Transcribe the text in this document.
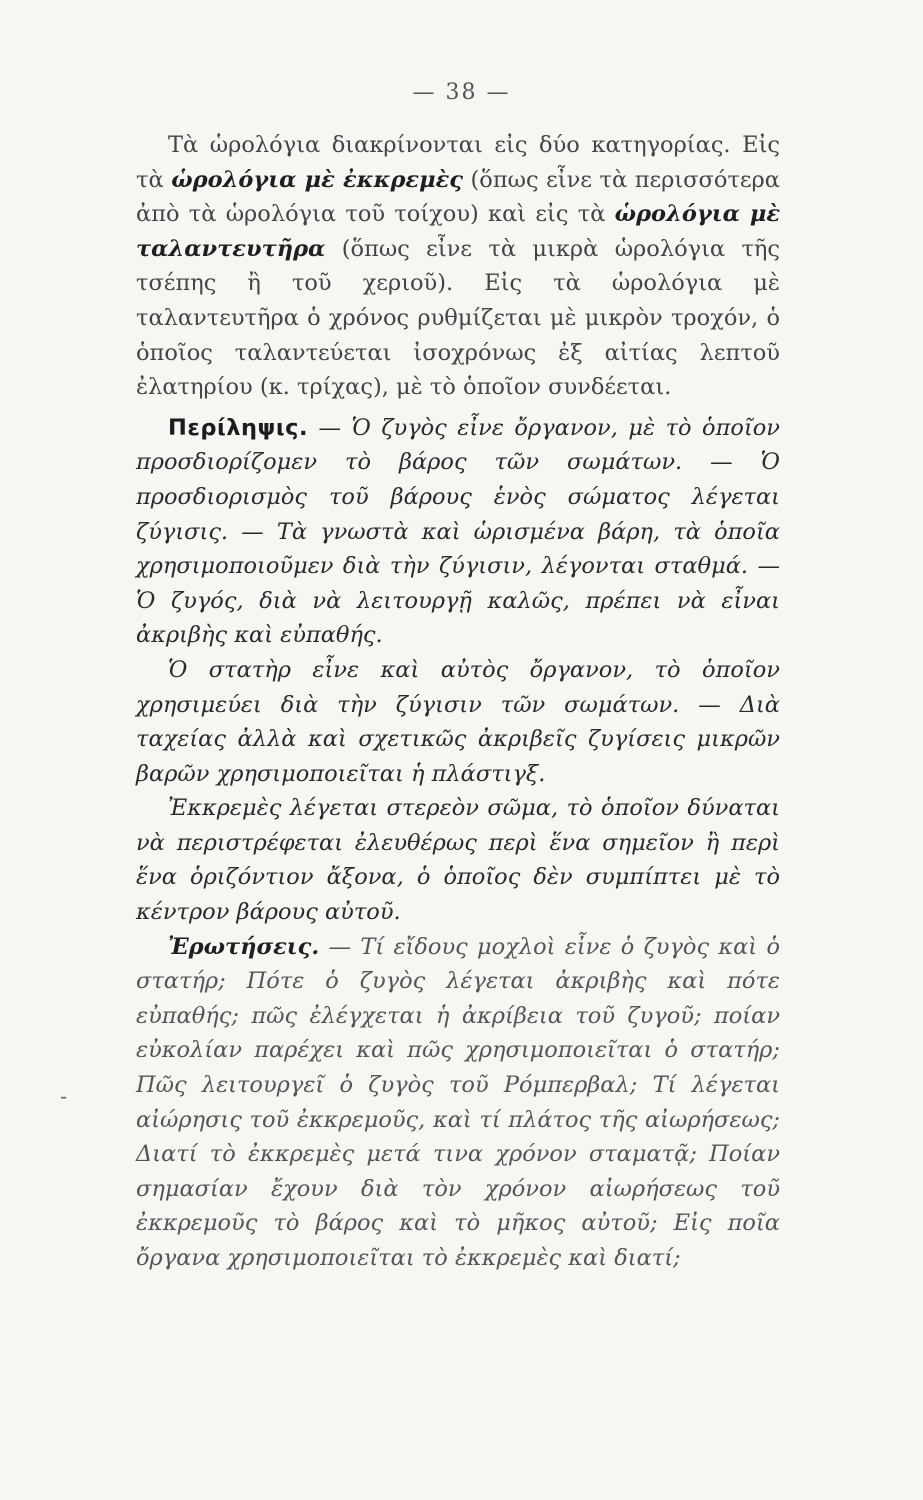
— 38 —

Τὰ ὡρολόγια διακρίνονται εἰς δύο κατηγορίας. Εἰς τὰ ὡρολόγια μὲ ἐκκρεμὲς (ὅπως εἶνε τὰ περισσότερα ἀπὸ τὰ ὡρολόγια τοῦ τοίχου) καὶ εἰς τὰ ὡρολόγια μὲ ταλαντευτῆρα (ὅπως εἶνε τὰ μικρὰ ὡρολόγια τῆς τσέπης ἢ τοῦ χεριοῦ). Εἰς τὰ ὡρολόγια μὲ ταλαντευτῆρα ὁ χρόνος ρυθμίζεται μὲ μικρὸν τροχόν, ὁ ὁποῖος ταλαντεύεται ἰσοχρόνως ἐξ αἰτίας λεπτοῦ ἐλατηρίου (κ. τρίχας), μὲ τὸ ὁποῖον συνδέεται.

Περίληψις. — Ὁ ζυγὸς εἶνε ὄργανον, μὲ τὸ ὁποῖον προσδιορίζομεν τὸ βάρος τῶν σωμάτων. — Ὁ προσδιορισμὸς τοῦ βάρους ἑνὸς σώματος λέγεται ζύγισις. — Τὰ γνωστὰ καὶ ὡρισμένα βάρη, τὰ ὁποῖα χρησιμοποιοῦμεν διὰ τὴν ζύγισιν, λέγονται σταθμά. — Ὁ ζυγός, διὰ νὰ λειτουργῇ καλῶς, πρέπει νὰ εἶναι ἀκριβὴς καὶ εὐπαθής.

Ὁ στατὴρ εἶνε καὶ αὐτὸς ὄργανον, τὸ ὁποῖον χρησιμεύει διὰ τὴν ζύγισιν τῶν σωμάτων. — Διὰ ταχείας ἀλλὰ καὶ σχετικῶς ἀκριβεῖς ζυγίσεις μικρῶν βαρῶν χρησιμοποιεῖται ἡ πλάστιγξ.

Ἐκκρεμὲς λέγεται στερεὸν σῶμα, τὸ ὁποῖον δύναται νὰ περιστρέφεται ἐλευθέρως περὶ ἕνα σημεῖον ἢ περὶ ἕνα ὁριζόντιον ἄξονα, ὁ ὁποῖος δὲν συμπίπτει μὲ τὸ κέντρον βάρους αὐτοῦ.

Ἐρωτήσεις. — Τί εἴδους μοχλοὶ εἶνε ὁ ζυγὸς καὶ ὁ στατήρ; Πότε ὁ ζυγὸς λέγεται ἀκριβὴς καὶ πότε εὐπαθής; πῶς ἐλέγχεται ἡ ἀκρίβεια τοῦ ζυγοῦ; ποίαν εὐκολίαν παρέχει καὶ πῶς χρησιμοποιεῖται ὁ στατήρ; Πῶς λειτουργεῖ ὁ ζυγὸς τοῦ Ρόμπερβαλ; Τί λέγεται αἰώρησις τοῦ ἐκκρεμοῦς, καὶ τί πλάτος τῆς αἰωρήσεως; Διατί τὸ ἐκκρεμὲς μετά τινα χρόνον σταματᾷ; Ποίαν σημασίαν ἔχουν διὰ τὸν χρόνον αἰωρήσεως τοῦ ἐκκρεμοῦς τὸ βάρος καὶ τὸ μῆκος αὐτοῦ; Εἰς ποῖα ὄργανα χρησιμοποιεῖται τὸ ἐκκρεμὲς καὶ διατί;

˗
